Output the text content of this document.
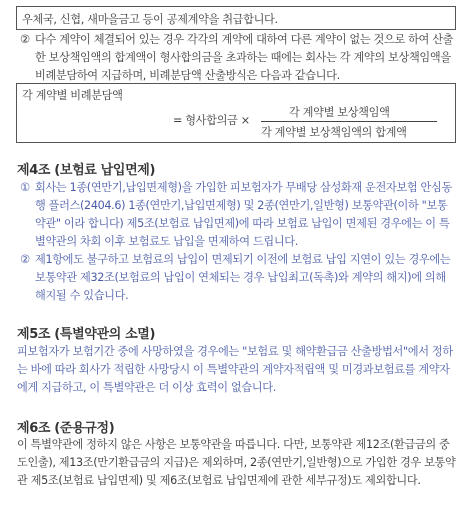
우체국, 신협, 새마을금고 등이 공제계약을 취급합니다.
② 다수 계약이 체결되어 있는 경우 각각의 계약에 대하여 다른 계약이 없는 것으로 하여 산출한 보상책임액의 합계액이 형사합의금을 초과하는 때에는 회사는 각 계약의 보상책임액을 비례분담하여 지급하며, 비례분담액 산출방식은 다음과 같습니다.
각 계약별 비례분담액
= 형사합의금 ×
각 계약별 보상책임액
각 계약별 보상책임액의 합계액
제4조 (보험료 납입면제)
① 회사는 1종(연만기,납입면제형)을 가입한 피보험자가 무배당 삼성화재 운전자보험 안심동행 플러스(2404.6) 1종(연만기,납입면제형) 및 2종(연만기,일반형) 보통약관(이하 "보통약관" 이라 합니다) 제5조(보험료 납입면제)에 따라 보험료 납입이 면제된 경우에는 이 특별약관의 차회 이후 보험료도 납입을 면제하여 드립니다.
② 제1항에도 불구하고 보험료의 납입이 면제되기 이전에 보험료 납입 지연이 있는 경우에는 보통약관 제32조(보험료의 납입이 연체되는 경우 납입최고(독촉)와 계약의 해지)에 의해 해지될 수 있습니다.
제5조 (특별약관의 소멸)
피보험자가 보험기간 중에 사망하였을 경우에는 "보험료 및 해약환급금 산출방법서"에서 정하는 바에 따라 회사가 적립한 사망당시 이 특별약관의 계약자적립액 및 미경과보험료를 계약자에게 지급하고, 이 특별약관은 더 이상 효력이 없습니다.
제6조 (준용규정)
이 특별약관에 정하지 않은 사항은 보통약관을 따릅니다. 다만, 보통약관 제12조(환급금의 중도인출), 제13조(만기환급금의 지급)은 제외하며, 2종(연만기,일반형)으로 가입한 경우 보통약관 제5조(보험료 납입면제) 및 제6조(보험료 납입면제에 관한 세부규정)도 제외합니다.
